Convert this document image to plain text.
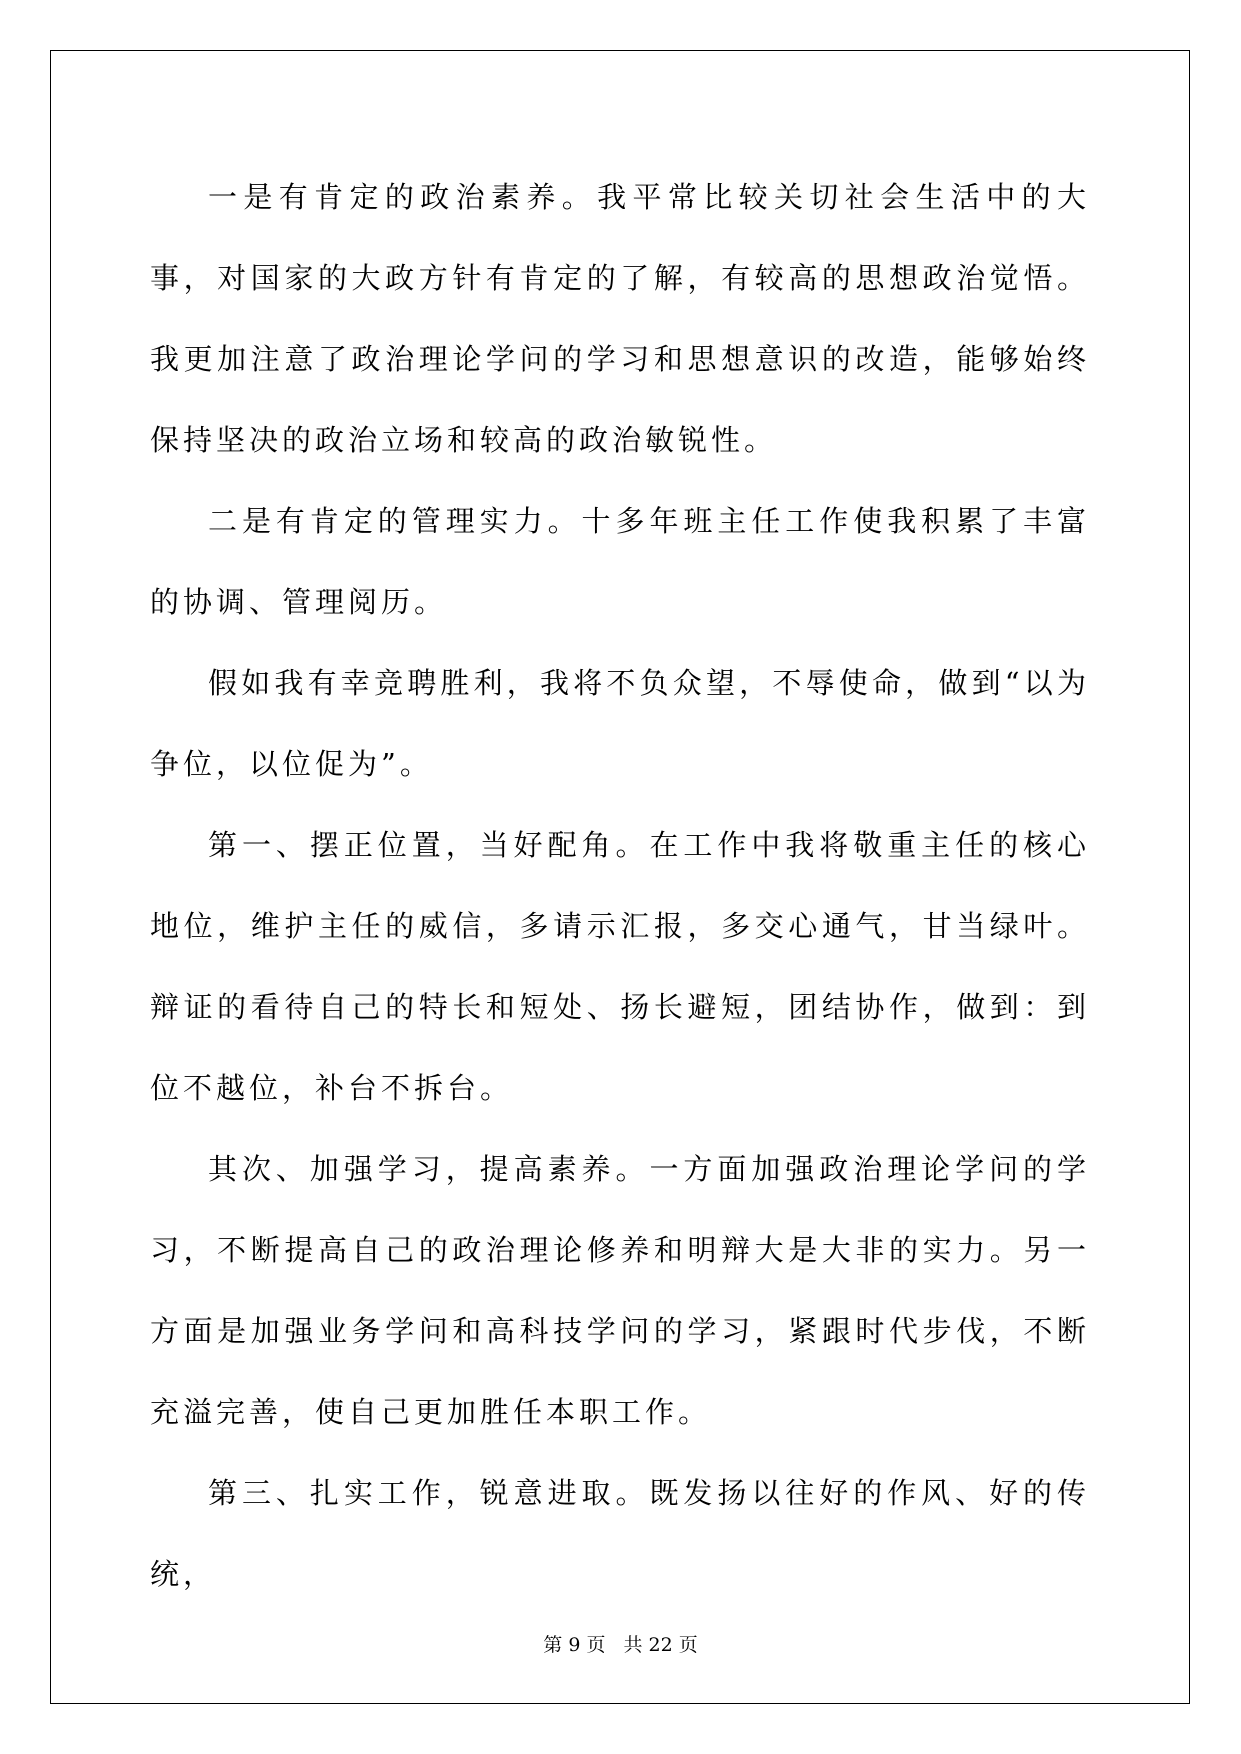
一是有肯定的政治素养。我平常比较关切社会生活中的大事，对国家的大政方针有肯定的了解，有较高的思想政治觉悟。我更加注意了政治理论学问的学习和思想意识的改造，能够始终保持坚决的政治立场和较高的政治敏锐性。

二是有肯定的管理实力。十多年班主任工作使我积累了丰富的协调、管理阅历。

假如我有幸竞聘胜利，我将不负众望，不辱使命，做到“以为争位，以位促为”。

第一、摆正位置，当好配角。在工作中我将敬重主任的核心地位，维护主任的威信，多请示汇报，多交心通气，甘当绿叶。辩证的看待自己的特长和短处、扬长避短，团结协作，做到：到位不越位，补台不拆台。

其次、加强学习，提高素养。一方面加强政治理论学问的学习，不断提高自己的政治理论修养和明辩大是大非的实力。另一方面是加强业务学问和高科技学问的学习，紧跟时代步伐，不断充溢完善，使自己更加胜任本职工作。

第三、扎实工作，锐意进取。既发扬以往好的作风、好的传统，

第 9 页 共 22 页
